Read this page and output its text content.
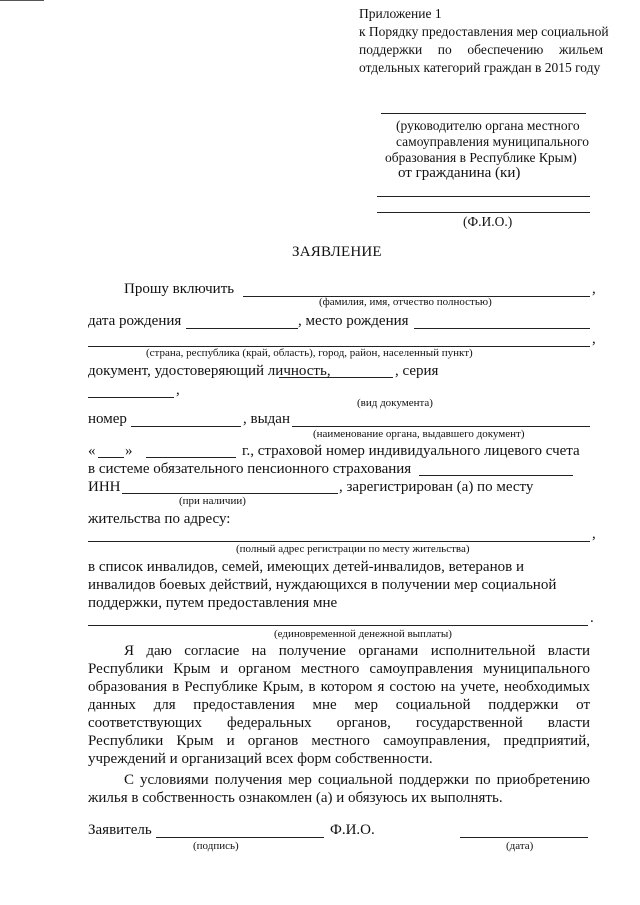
Приложение 1
к Порядку предоставления мер социальной
поддержки по обеспечению жильем
отдельных категорий граждан в 2015 году
(руководителю органа местного
самоуправления муниципального
образования в Республике Крым)
от гражданина (ки)
(Ф.И.О.)
ЗАЯВЛЕНИЕ
Прошу включить	,
(фамилия, имя, отчество полностью)
дата рождения	, место рождения
,
(страна, республика (край, область), город, район, населенный пункт)
документ, удостоверяющий личность,	, серия
,
(вид документа)
номер	, выдан
(наименование органа, выдавшего документ)
« »	г., страховой номер индивидуального лицевого счета
в системе обязательного пенсионного страхования
ИНН	, зарегистрирован (а) по месту
(при наличии)
жительства по адресу:
,
(полный адрес регистрации по месту жительства)
в список инвалидов, семей, имеющих детей-инвалидов, ветеранов и
инвалидов боевых действий, нуждающихся в получении мер социальной
поддержки, путем предоставления мне
.
(единовременной денежной выплаты)
Я даю согласие на получение органами исполнительной власти
Республики Крым и органом местного самоуправления муниципального
образования в Республике Крым, в котором я состою на учете, необходимых
данных для предоставления мне мер социальной поддержки от
соответствующих федеральных органов, государственной власти
Республики Крым и органов местного самоуправления, предприятий,
учреждений и организаций всех форм собственности.
С условиями получения мер социальной поддержки по приобретению
жилья в собственность ознакомлен (а) и обязуюсь их выполнять.
Заявитель	Ф.И.О.
(подпись)	(дата)
